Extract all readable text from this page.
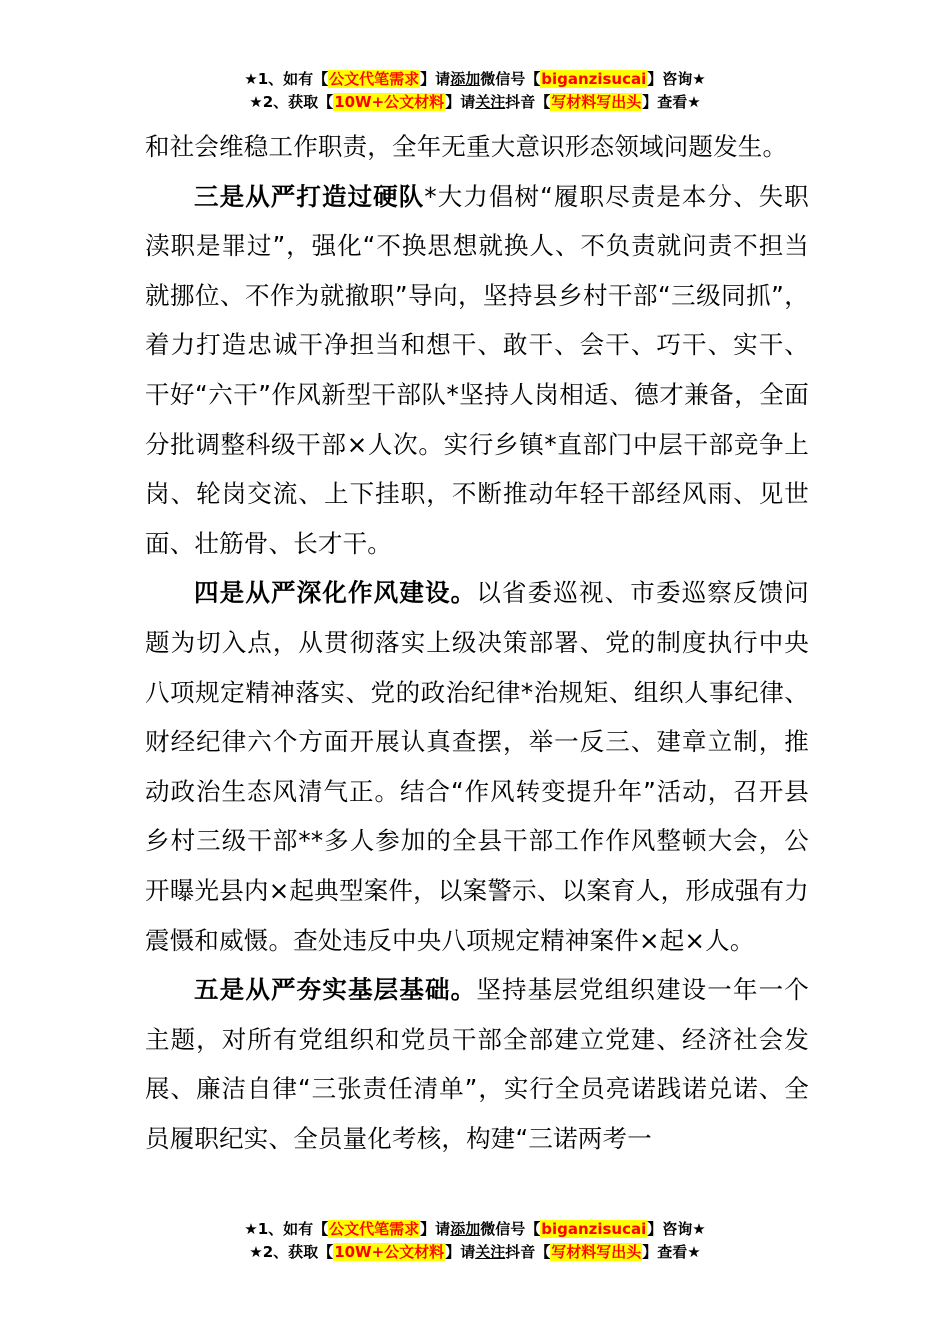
★1、如有【公文代笔需求】请添加微信号【biganzisucai】咨询★
★2、获取【10W+公文材料】请关注抖音【写材料写出头】查看★

和社会维稳工作职责，全年无重大意识形态领域问题发生。

三是从严打造过硬队*大力倡树“履职尽责是本分、失职渎职是罪过”，强化“不换思想就换人、不负责就问责不担当就挪位、不作为就撤职”导向，坚持县乡村干部“三级同抓”，着力打造忠诚干净担当和想干、敢干、会干、巧干、实干、干好“六干”作风新型干部队*坚持人岗相适、德才兼备，全面分批调整科级干部×人次。实行乡镇*直部门中层干部竞争上岗、轮岗交流、上下挂职，不断推动年轻干部经风雨、见世面、壮筋骨、长才干。

四是从严深化作风建设。以省委巡视、市委巡察反馈问题为切入点，从贯彻落实上级决策部署、党的制度执行中央八项规定精神落实、党的政治纪律*治规矩、组织人事纪律、财经纪律六个方面开展认真查摆，举一反三、建章立制，推动政治生态风清气正。结合“作风转变提升年”活动，召开县乡村三级干部**多人参加的全县干部工作作风整顿大会，公开曝光县内×起典型案件，以案警示、以案育人，形成强有力震慑和威慑。查处违反中央八项规定精神案件×起×人。

五是从严夯实基层基础。坚持基层党组织建设一年一个主题，对所有党组织和党员干部全部建立党建、经济社会发展、廉洁自律“三张责任清单”，实行全员亮诺践诺兑诺、全员履职纪实、全员量化考核，构建“三诺两考一

★1、如有【公文代笔需求】请添加微信号【biganzisucai】咨询★
★2、获取【10W+公文材料】请关注抖音【写材料写出头】查看★
